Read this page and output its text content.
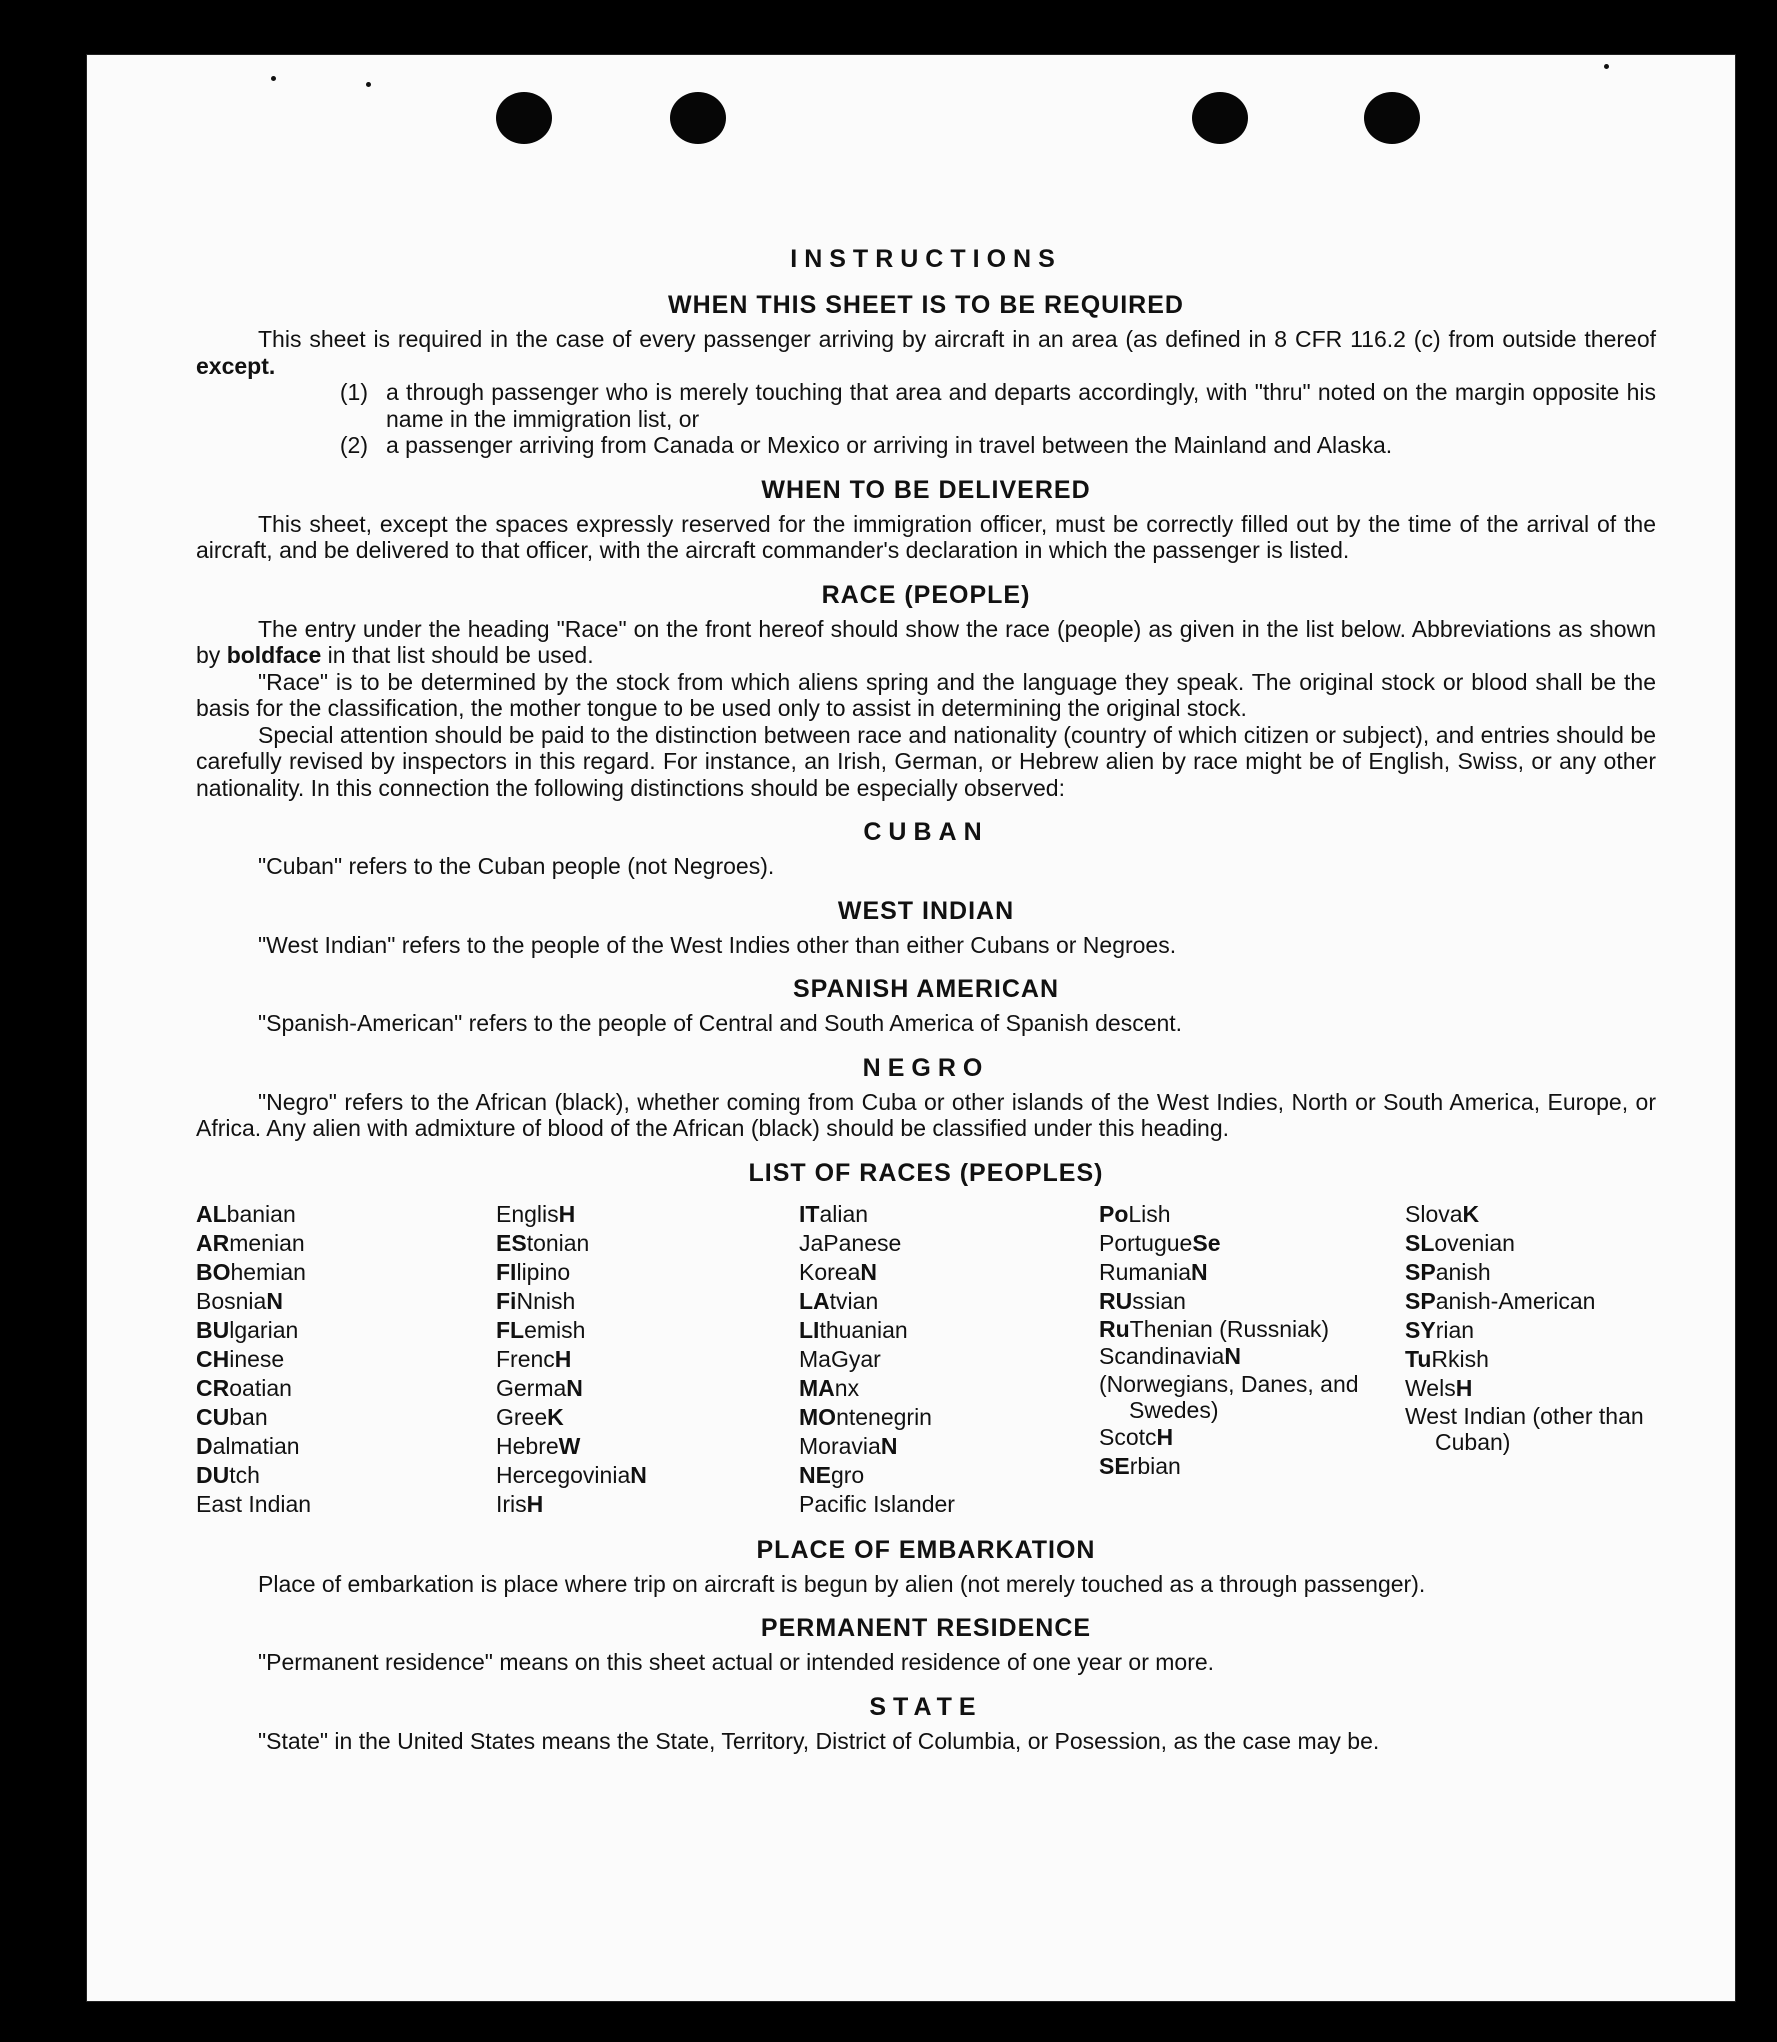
INSTRUCTIONS
WHEN THIS SHEET IS TO BE REQUIRED

This sheet is required in the case of every passenger arriving by aircraft in an area (as defined in 8 CFR 116.2 (c) from outside thereof except.

(1) a through passenger who is merely touching that area and departs accordingly, with "thru" noted on the margin opposite his name in the immigration list, or
(2) a passenger arriving from Canada or Mexico or arriving in travel between the Mainland and Alaska.
WHEN TO BE DELIVERED

This sheet, except the spaces expressly reserved for the immigration officer, must be correctly filled out by the time of the arrival of the aircraft, and be delivered to that officer, with the aircraft commander's declaration in which the passenger is listed.

RACE (PEOPLE)

The entry under the heading "Race" on the front hereof should show the race (people) as given in the list below. Abbreviations as shown by boldface in that list should be used.

"Race" is to be determined by the stock from which aliens spring and the language they speak. The original stock or blood shall be the basis for the classification, the mother tongue to be used only to assist in determining the original stock.

Special attention should be paid to the distinction between race and nationality (country of which citizen or subject), and entries should be carefully revised by inspectors in this regard. For instance, an Irish, German, or Hebrew alien by race might be of English, Swiss, or any other nationality. In this connection the following distinctions should be especially observed:

CUBAN

"Cuban" refers to the Cuban people (not Negroes).

WEST INDIAN

"West Indian" refers to the people of the West Indies other than either Cubans or Negroes.

SPANISH AMERICAN

"Spanish-American" refers to the people of Central and South America of Spanish descent.

NEGRO

"Negro" refers to the African (black), whether coming from Cuba or other islands of the West Indies, North or South America, Europe, or Africa. Any alien with admixture of blood of the African (black) should be classified under this heading.

LIST OF RACES (PEOPLES)
ALbanian
ARmenian
BOhemian
BosniaN
BUlgarian
CHinese
CRoatian
CUban
Dalmatian
DUtch
East Indian
EnglisH
EStonian
FIlipino
FiNnish
FLemish
FrencH
GermaN
GreeK
HebreW
HercegoviniaN
IrisH
ITalian
JaPanese
KoreaN
LAtvian
LIthuanian
MaGyar
MAnx
MOntenegrin
MoraviaN
NEgro
Pacific Islander
PoLish
PortugueSe
RumaniaN
RUssian
RuThenian (Russniak)
ScandinaviaN
(Norwegians, Danes, and Swedes)
ScotcH
SErbian
SlovaK
SLovenian
SPanish
SPanish-American
SYrian
TuRkish
WelsH
West Indian (other than Cuban)
PLACE OF EMBARKATION

Place of embarkation is place where trip on aircraft is begun by alien (not merely touched as a through passenger).

PERMANENT RESIDENCE

"Permanent residence" means on this sheet actual or intended residence of one year or more.

STATE

"State" in the United States means the State, Territory, District of Columbia, or Posession, as the case may be.
